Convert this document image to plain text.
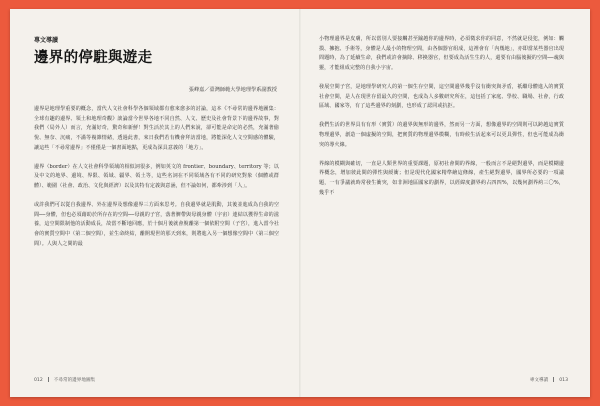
專文導讀
邊界的停駐與遊走
張峰嘉／臺灣師範大學地理學系副教授

邊界是地理學重要的概念，當代人文社會科學各個領域都有愈來愈多的討論，這本《不尋常的邊界地圖集：全球有趣的邊界、領土和地理奇觀》談論當今世界各地不同自然、人文、歷史及社會背景下的邊界故事，對我們（局外人）而言，充滿好奇，驚奇和新鮮！對生活於其上的人們來說，卻可能是命定的必然，充滿著偷悅、無奈、沉痛，不滿等複雜情緒，透過此書，來日我們若有機會拜訪當地，將能深化人文空間感的體驗，讓這些「不尋常邊界」不僅僅是一個書面地點，更成為深具意義的「地方」。

邊界（border）在人文社會科學領域的相似詞很多，例如英文的 frontier、boundary、territory 等；以及中文的地界、邊境、界限、領域、疆界、領土等，這些名詞在不同領域各有不同的研究對象（個體或群體）、範圍（社會、政治、文化與經濟）以及其特有定義與意涵，但不論如何，都牽涉到「人」。

或許我們可以從自我邊界、外在邊界及想像邊界三方面來思考。自我邊界就是肌動，其後並進成為自我的空間──身體，但也必須藉助於所存在的空間──母親的子宮，落著臍帶與母親身體（宇宙）連結以獲得生命的滋養，這空間限制他的活動成長，故當不斷地回應，於十個月後就會脫離第一個依附空間（子宮），進入當今社會的實質空間中（第二個空間），並生命終結，離開現世的那天到來，則將進入另一個想像空間中（第三個空間）。人與人之間的最

012 不尋常的邊界地圖集

小物理邊界是皮膚，所以當別人要接觸甚至踰越你的邊界時，必須徵求你的同意，不然就是侵犯，例如：觸摸、擁抱、手術等，身體是人最小的物理空間，由各個器官組成，這裡會有「內幾地」，亦即當某些器官出現問題時，為了延續生命，我們或許會摘除、移換器官，但要成為活生生的人，還要有由腦後擬的空間──魂與靈，才能組成完整的自我小宇宙。

發展空間子宮，是地理學研究人的第一個生存空間，這空間邊界幾乎沒有衝突與矛盾，祇繼母體進入的實質社會空間，是人在現世存留最久的空間，也成為人多數研究所在，這包括了家庭、學校、職場、社會，行政區域、國家等，有了這些邊界的刻劃，也形成了認同或抗拒。

我們生活的世界具有有形（實質）的邊界與無形的邊界，然而另一方面，想像邊界的空間則可以跨越這實質物理邊界，創造一個虛擬的空間，把實質的物理邊界模糊，有時候生活起來可以更具彈性，但也可能成為衝突的導火線。

界線的模糊與確切，一直是人類世界的重要課題，原初社會間的界線，一般而言不是絕對邊界，而是模糊邊界概念，增加彼此間的彈性與緩衝；但是現代化國家精準繪這條線，產生絕對邊界，國界所必要的一項議題，一有爭議就時常發生衝突，如非洲地區國家的劃界，以經緯度劃界約占四四%，以幾何劃界約三〇%，幾乎不

專文導讀 013
